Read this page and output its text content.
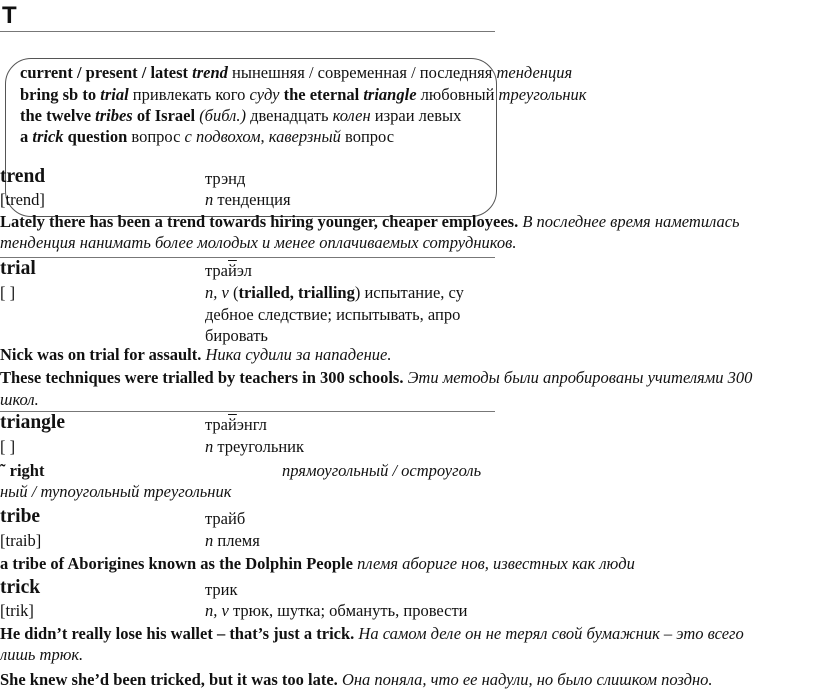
T
current / present / latest trend нынешняя / современная / последняя тенденция
bring sb to trial привлекать кого суду the eternal triangle любовный треугольник
the twelve tribes of Israel (библ.) двенадцать колен израи левых
a trick question вопрос с подвохом, каверзный вопрос
trend	трэнд
[trend]	n тенденция
Lately there has been a trend towards hiring younger, cheaper employees. В последнее время наметилась
тенденция нанимать более молодых и менее оплачиваемых сотрудников.
trial	трайэл
[ ]	n, v (trialled, trialling) испытание, су
дебное следствие; испытывать, апро
бировать
Nick was on trial for assault. Ника судили за нападение.
These techniques were trialled by teachers in 300 schools. Эти методы были апробированы учителями 300
школ.
triangle	трайэнгл
[ ]	n треугольник
˜ right	прямоугольный / остроуголь
ный / тупоугольный треугольник
tribe	трайб
[traib]	n племя
a tribe of Aborigines known as the Dolphin People племя абориге нов, известных как люди
trick	трик
[trik]	n, v трюк, шутка; обмануть, провести
He didn’t really lose his wallet – that’s just a trick. На самом деле он не терял свой бумажник – это всего
лишь трюк.
She knew she’d been tricked, but it was too late. Она поняла, что ее надули, но было слишком поздно.
